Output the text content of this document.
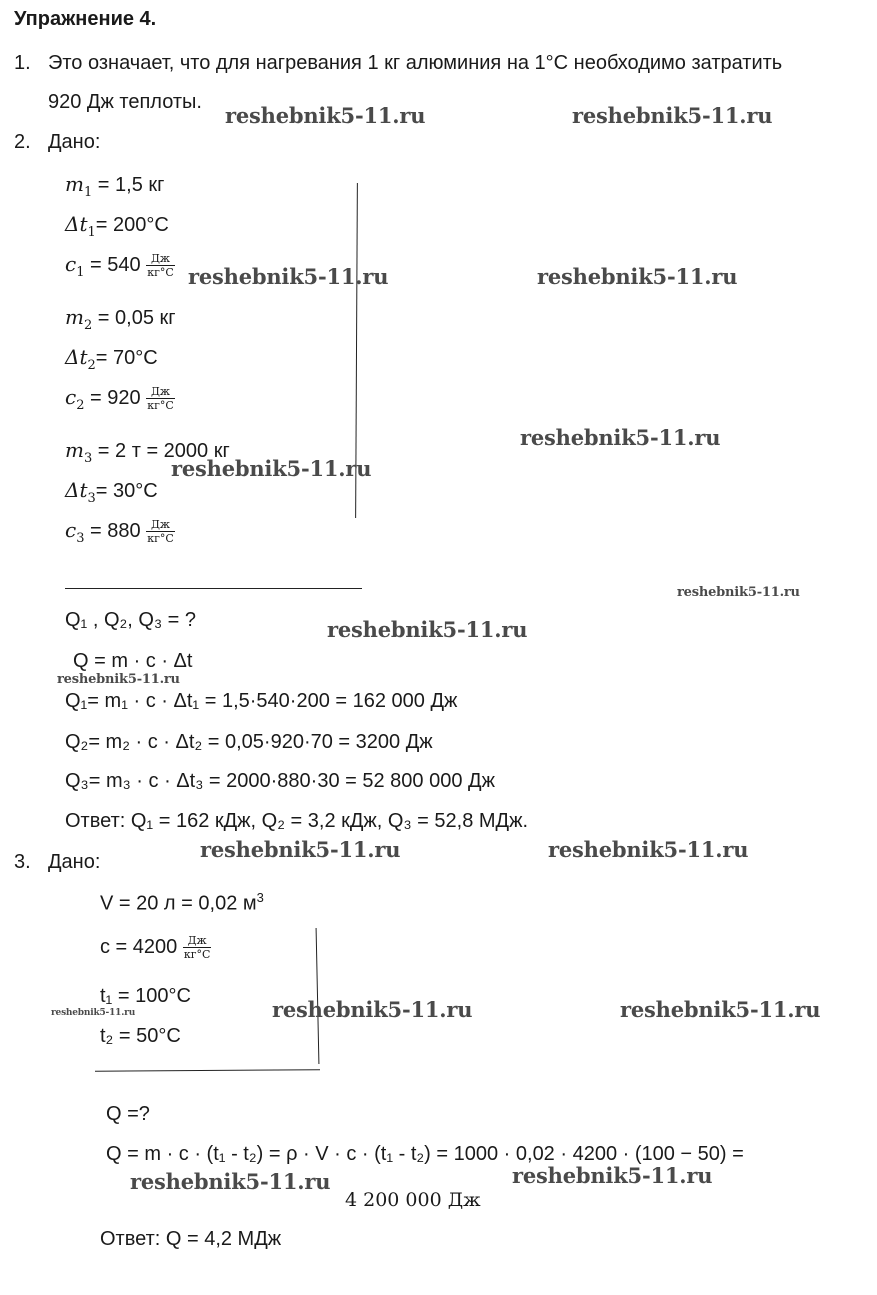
Упражнение 4.
1. Это означает, что для нагревания 1 кг алюминия на 1°С необходимо затратить
920 Дж теплоты.
2. Дано:
$m_1 = 1,5$ кг
$\Delta t_1= 200^\circ C$
$c_1 = 540 \frac{Дж}{кг^\circ C}$
$m_2 = 0,05$ кг
$\Delta t_2= 70^\circ C$
$c_2 = 920 \frac{Дж}{кг^\circ C}$
$m_3 = 2$ т = 2000 кг
$\Delta t_3= 30^\circ C$
$c_3 = 880 \frac{Дж}{кг^\circ C}$
Q₁ , Q₂, Q₃ = ?
Q = m · c · Δt
Q₁= m₁ · c · Δt₁ = 1,5·540·200 = 162 000 Дж
Q₂= m₂ · c · Δt₂ = 0,05·920·70 = 3200 Дж
Q₃= m₃ · c · Δt₃ = 2000·880·30 = 52 800 000 Дж
Ответ: Q₁ = 162 кДж, Q₂ = 3,2 кДж, Q₃ = 52,8 МДж.
3. Дано:
V = 20 л = 0,02 $м^3$
$c = 4200 \frac{Дж}{кг^\circ C}$
t₁ = 100°C
t₂ = 50°C
Q =?
Q = m · c · (t₁ - t₂) = ρ · V · c · (t₁ - t₂) = 1000 · 0,02 · 4200 · (100 − 50) =
4 200 000 Дж
Ответ: Q = 4,2 МДж
reshebnik5-11.ru	reshebnik5-11.ru
reshebnik5-11.ru	reshebnik5-11.ru
reshebnik5-11.ru
reshebnik5-11.ru
reshebnik5-11.ru
reshebnik5-11.ru
reshebnik5-11.ru
reshebnik5-11.ru	reshebnik5-11.ru
reshebnik5-11.ru	reshebnik5-11.ru
reshebnik5-11.ru
reshebnik5-11.ru
reshebnik5-11.ru
